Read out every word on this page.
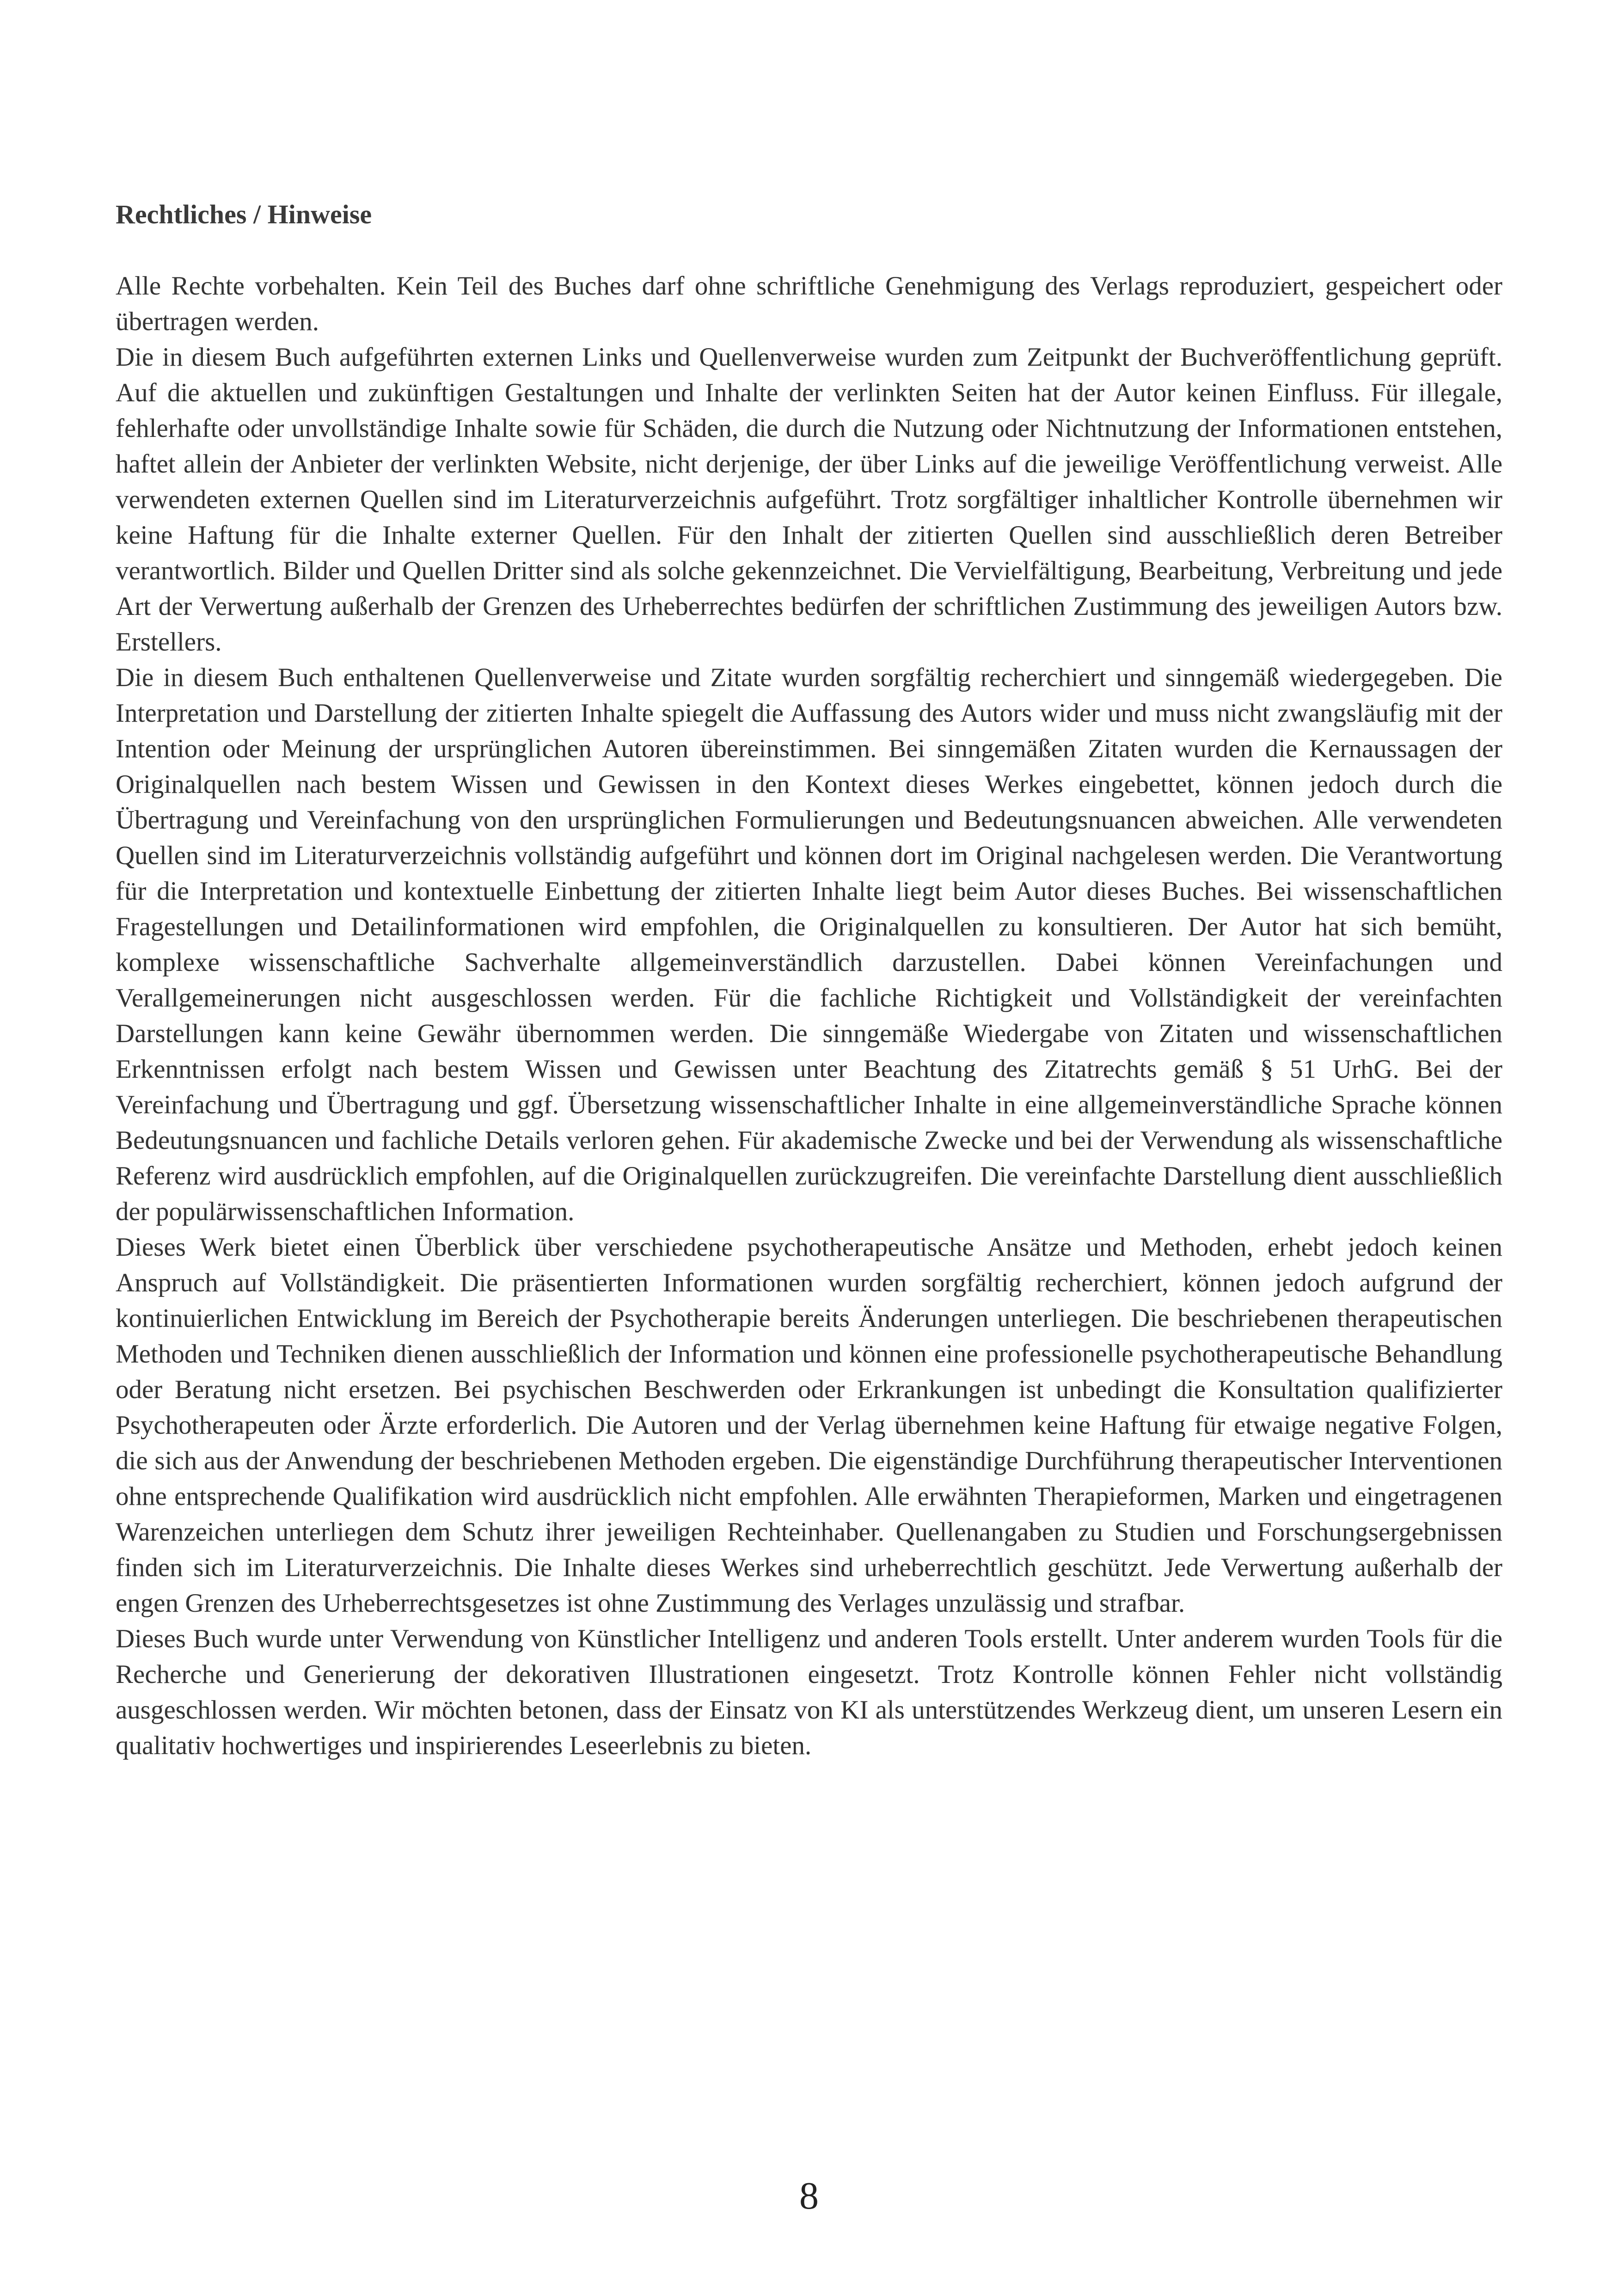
Rechtliches / Hinweise

Alle Rechte vorbehalten. Kein Teil des Buches darf ohne schriftliche Genehmigung des Verlags reproduziert, gespeichert oder übertragen werden.

Die in diesem Buch aufgeführten externen Links und Quellenverweise wurden zum Zeitpunkt der Buchveröffentlichung geprüft. Auf die aktuellen und zukünftigen Gestaltungen und Inhalte der verlinkten Seiten hat der Autor keinen Einfluss. Für illegale, fehlerhafte oder unvollständige Inhalte sowie für Schäden, die durch die Nutzung oder Nichtnutzung der Informationen entstehen, haftet allein der Anbieter der verlinkten Website, nicht derjenige, der über Links auf die jeweilige Veröffentlichung verweist. Alle verwendeten externen Quellen sind im Literaturverzeichnis aufgeführt. Trotz sorgfältiger inhaltlicher Kontrolle übernehmen wir keine Haftung für die Inhalte externer Quellen. Für den Inhalt der zitierten Quellen sind ausschließlich deren Betreiber verantwortlich. Bilder und Quellen Dritter sind als solche gekennzeichnet. Die Vervielfältigung, Bearbeitung, Verbreitung und jede Art der Verwertung außerhalb der Grenzen des Urheberrechtes bedürfen der schriftlichen Zustimmung des jeweiligen Autors bzw. Erstellers.

Die in diesem Buch enthaltenen Quellenverweise und Zitate wurden sorgfältig recherchiert und sinngemäß wiedergegeben. Die Interpretation und Darstellung der zitierten Inhalte spiegelt die Auffassung des Autors wider und muss nicht zwangsläufig mit der Intention oder Meinung der ursprünglichen Autoren übereinstimmen. Bei sinngemäßen Zitaten wurden die Kernaussagen der Originalquellen nach bestem Wissen und Gewissen in den Kontext dieses Werkes eingebettet, können jedoch durch die Übertragung und Vereinfachung von den ursprünglichen Formulierungen und Bedeutungsnuancen abweichen. Alle verwendeten Quellen sind im Literaturverzeichnis vollständig aufgeführt und können dort im Original nachgelesen werden. Die Verantwortung für die Interpretation und kontextuelle Einbettung der zitierten Inhalte liegt beim Autor dieses Buches. Bei wissenschaftlichen Fragestellungen und Detailinformationen wird empfohlen, die Originalquellen zu konsultieren. Der Autor hat sich bemüht, komplexe wissenschaftliche Sachverhalte allgemeinverständlich darzustellen. Dabei können Vereinfachungen und Verallgemeinerungen nicht ausgeschlossen werden. Für die fachliche Richtigkeit und Vollständigkeit der vereinfachten Darstellungen kann keine Gewähr übernommen werden. Die sinngemäße Wiedergabe von Zitaten und wissenschaftlichen Erkenntnissen erfolgt nach bestem Wissen und Gewissen unter Beachtung des Zitatrechts gemäß § 51 UrhG. Bei der Vereinfachung und Übertragung und ggf. Übersetzung wissenschaftlicher Inhalte in eine allgemeinverständliche Sprache können Bedeutungsnuancen und fachliche Details verloren gehen. Für akademische Zwecke und bei der Verwendung als wissenschaftliche Referenz wird ausdrücklich empfohlen, auf die Originalquellen zurückzugreifen. Die vereinfachte Darstellung dient ausschließlich der populärwissenschaftlichen Information.

Dieses Werk bietet einen Überblick über verschiedene psychotherapeutische Ansätze und Methoden, erhebt jedoch keinen Anspruch auf Vollständigkeit. Die präsentierten Informationen wurden sorgfältig recherchiert, können jedoch aufgrund der kontinuierlichen Entwicklung im Bereich der Psychotherapie bereits Änderungen unterliegen. Die beschriebenen therapeutischen Methoden und Techniken dienen ausschließlich der Information und können eine professionelle psychotherapeutische Behandlung oder Beratung nicht ersetzen. Bei psychischen Beschwerden oder Erkrankungen ist unbedingt die Konsultation qualifizierter Psychotherapeuten oder Ärzte erforderlich. Die Autoren und der Verlag übernehmen keine Haftung für etwaige negative Folgen, die sich aus der Anwendung der beschriebenen Methoden ergeben. Die eigenständige Durchführung therapeutischer Interventionen ohne entsprechende Qualifikation wird ausdrücklich nicht empfohlen. Alle erwähnten Therapieformen, Marken und eingetragenen Warenzeichen unterliegen dem Schutz ihrer jeweiligen Rechteinhaber. Quellenangaben zu Studien und Forschungsergebnissen finden sich im Literaturverzeichnis. Die Inhalte dieses Werkes sind urheberrechtlich geschützt. Jede Verwertung außerhalb der engen Grenzen des Urheberrechtsgesetzes ist ohne Zustimmung des Verlages unzulässig und strafbar.

Dieses Buch wurde unter Verwendung von Künstlicher Intelligenz und anderen Tools erstellt. Unter anderem wurden Tools für die Recherche und Generierung der dekorativen Illustrationen eingesetzt. Trotz Kontrolle können Fehler nicht vollständig ausgeschlossen werden. Wir möchten betonen, dass der Einsatz von KI als unterstützendes Werkzeug dient, um unseren Lesern ein qualitativ hochwertiges und inspirierendes Leseerlebnis zu bieten.

8
